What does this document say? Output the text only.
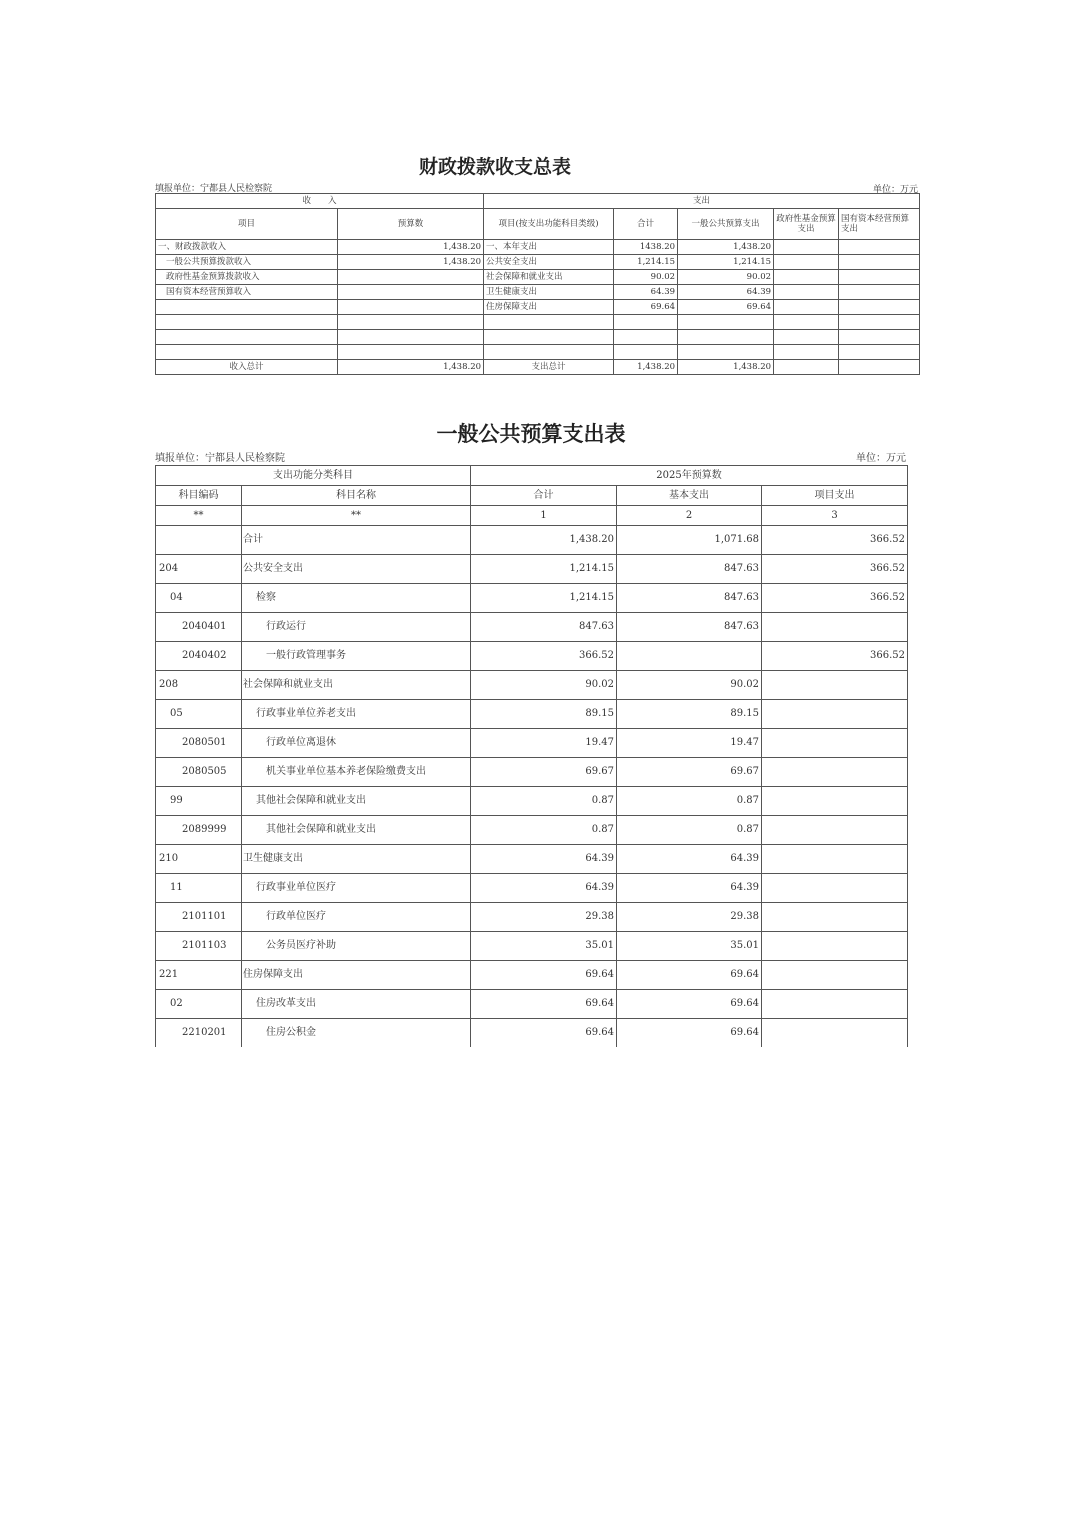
财政拨款收支总表
填报单位：宁都县人民检察院	单位：万元
收　　入		支出				
项目	预算数	项目(按支出功能科目类级)	合计	一般公共预算支出	政府性基金预算支出	国有资本经营预算支出
一、财政拨款收入	1,438.20	一、本年支出	1438.20	1,438.20		
一般公共预算拨款收入	1,438.20	公共安全支出	1,214.15	1,214.15		
政府性基金预算拨款收入		社会保障和就业支出	90.02	90.02		
国有资本经营预算收入		卫生健康支出	64.39	64.39		
		住房保障支出	69.64	69.64		

收入总计	1,438.20	支出总计	1,438.20	1,438.20		
一般公共预算支出表
填报单位：宁都县人民检察院	单位：万元
支出功能分类科目		2025年预算数		
科目编码	科目名称	合计	基本支出	项目支出
**	**	1	2	3
	合计	1,438.20	1,071.68	366.52
204	公共安全支出	1,214.15	847.63	366.52
04	检察	1,214.15	847.63	366.52
2040401	行政运行	847.63	847.63	
2040402	一般行政管理事务	366.52		366.52
208	社会保障和就业支出	90.02	90.02	
05	行政事业单位养老支出	89.15	89.15	
2080501	行政单位离退休	19.47	19.47	
2080505	机关事业单位基本养老保险缴费支出	69.67	69.67	
99	其他社会保障和就业支出	0.87	0.87	
2089999	其他社会保障和就业支出	0.87	0.87	
210	卫生健康支出	64.39	64.39	
11	行政事业单位医疗	64.39	64.39	
2101101	行政单位医疗	29.38	29.38	
2101103	公务员医疗补助	35.01	35.01	
221	住房保障支出	69.64	69.64	
02	住房改革支出	69.64	69.64	
2210201	住房公积金	69.64	69.64	
